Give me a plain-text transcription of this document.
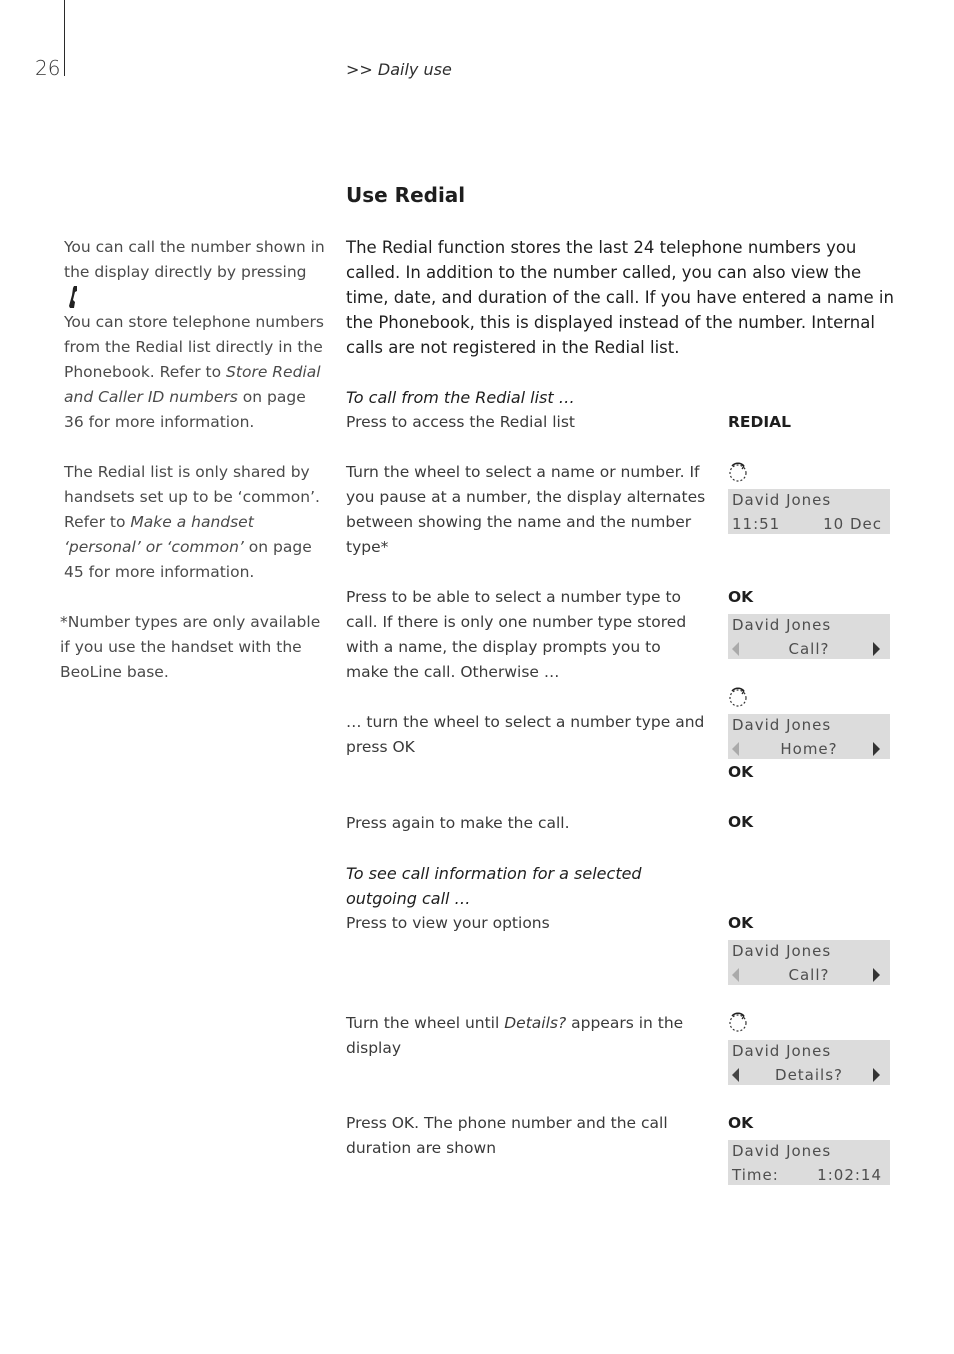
26	>> Daily use
Use Redial
You can call the number shown in the display directly by pressing
You can store telephone numbers from the Redial list directly in the Phonebook. Refer to Store Redial and Caller ID numbers on page 36 for more information.
The Redial list is only shared by handsets set up to be ‘common’. Refer to Make a handset ‘personal’ or ‘common’ on page 45 for more information.
*Number types are only available if you use the handset with the BeoLine base.
The Redial function stores the last 24 telephone numbers you called. In addition to the number called, you can also view the time, date, and duration of the call. If you have entered a name in the Phonebook, this is displayed instead of the number. Internal calls are not registered in the Redial list.
To call from the Redial list …
Press to access the Redial list	REDIAL
Turn the wheel to select a name or number. If you pause at a number, the display alternates between showing the name and the number type*
David Jones
11:51	10 Dec
Press to be able to select a number type to call. If there is only one number type stored with a name, the display prompts you to make the call. Otherwise …
OK
David Jones
Call?
… turn the wheel to select a number type and press OK
David Jones
Home?
OK
Press again to make the call.	OK
To see call information for a selected outgoing call …
Press to view your options	OK
David Jones
Call?
Turn the wheel until Details? appears in the display	David Jones
Details?
Press OK. The phone number and the call duration are shown
OK
David Jones
Time:	1:02:14
